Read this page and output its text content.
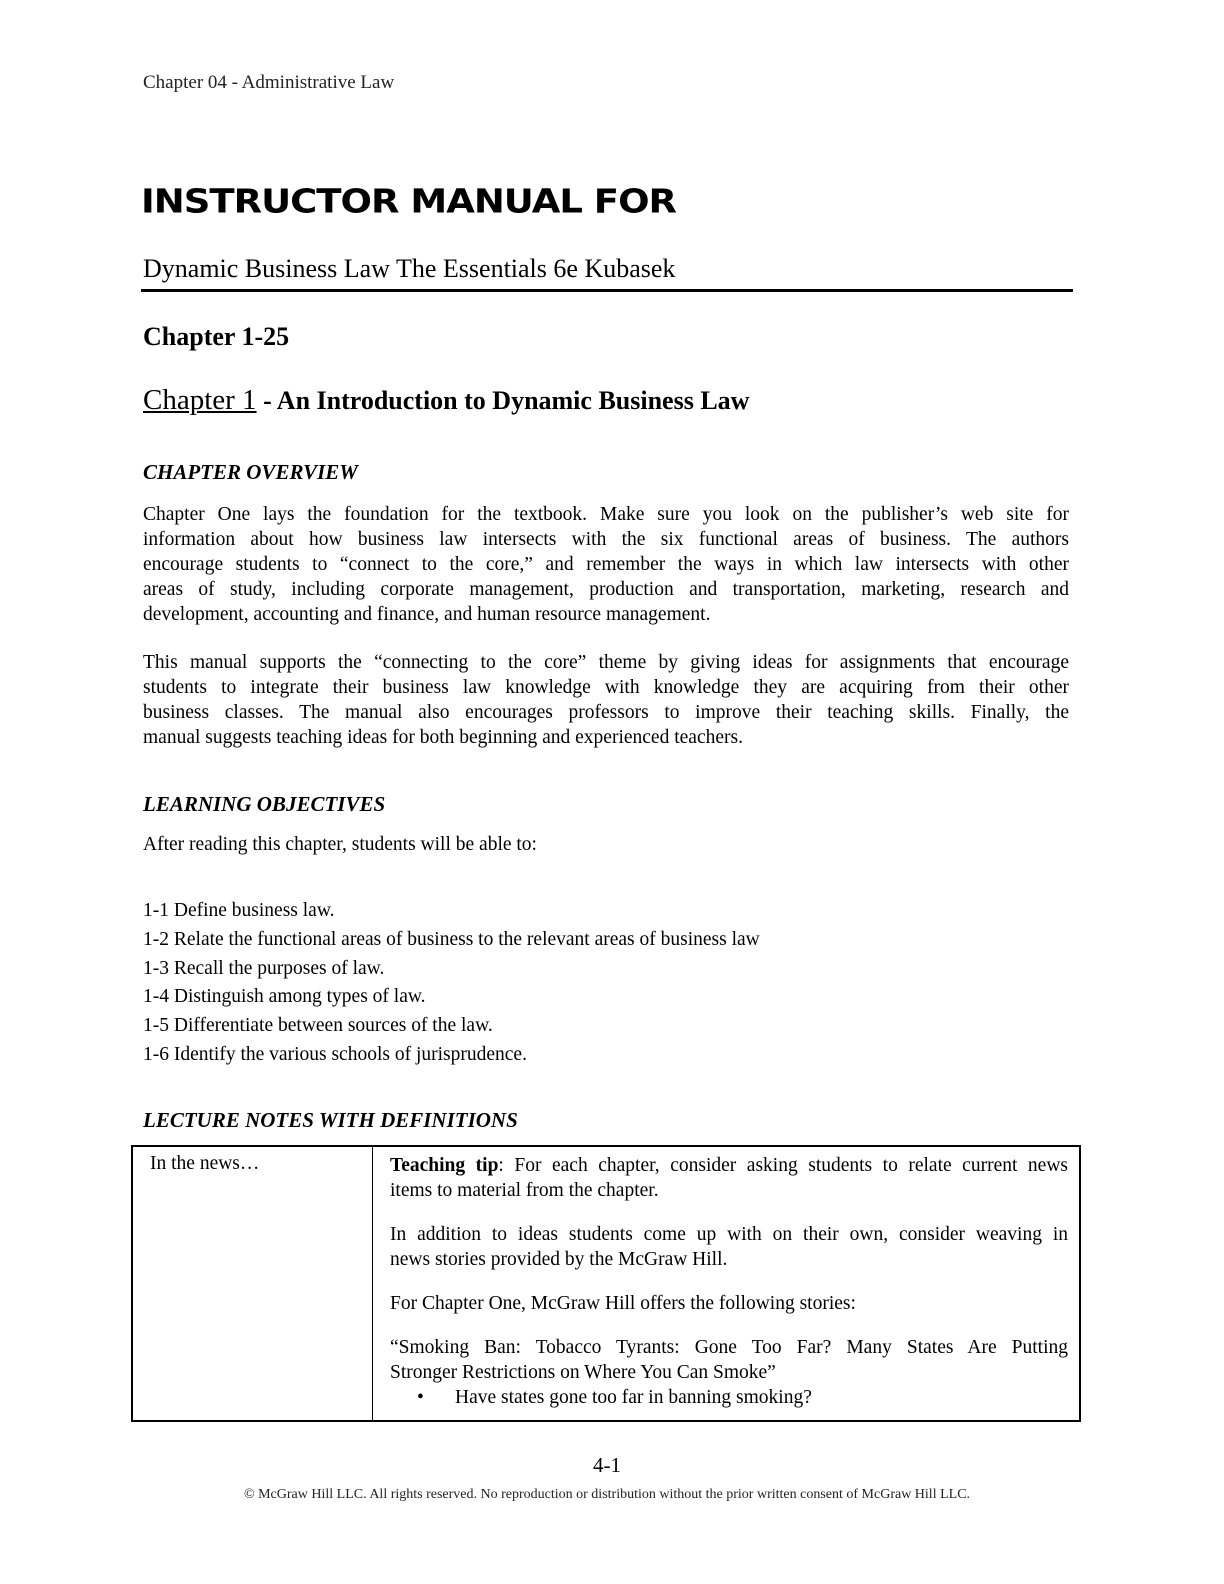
Chapter 04 - Administrative Law
INSTRUCTOR MANUAL FOR
Dynamic Business Law The Essentials 6e Kubasek
Chapter 1-25
Chapter 1 - An Introduction to Dynamic Business Law
CHAPTER OVERVIEW
Chapter One lays the foundation for the textbook. Make sure you look on the publisher’s web site for
information about how business law intersects with the six functional areas of business. The authors
encourage students to “connect to the core,” and remember the ways in which law intersects with other
areas of study, including corporate management, production and transportation, marketing, research and
development, accounting and finance, and human resource management.
This manual supports the “connecting to the core” theme by giving ideas for assignments that encourage
students to integrate their business law knowledge with knowledge they are acquiring from their other
business classes. The manual also encourages professors to improve their teaching skills. Finally, the
manual suggests teaching ideas for both beginning and experienced teachers.
LEARNING OBJECTIVES
After reading this chapter, students will be able to:
1-1 Define business law.
1-2 Relate the functional areas of business to the relevant areas of business law
1-3 Recall the purposes of law.
1-4 Distinguish among types of law.
1-5 Differentiate between sources of the law.
1-6 Identify the various schools of jurisprudence.
LECTURE NOTES WITH DEFINITIONS
In the news…	Teaching tip: For each chapter, consider asking students to relate current news
items to material from the chapter.

In addition to ideas students come up with on their own, consider weaving in
news stories provided by the McGraw Hill.

For Chapter One, McGraw Hill offers the following stories:

“Smoking Ban: Tobacco Tyrants: Gone Too Far? Many States Are Putting
Stronger Restrictions on Where You Can Smoke”

• Have states gone too far in banning smoking?
4-1
© McGraw Hill LLC. All rights reserved. No reproduction or distribution without the prior written consent of McGraw Hill LLC.
